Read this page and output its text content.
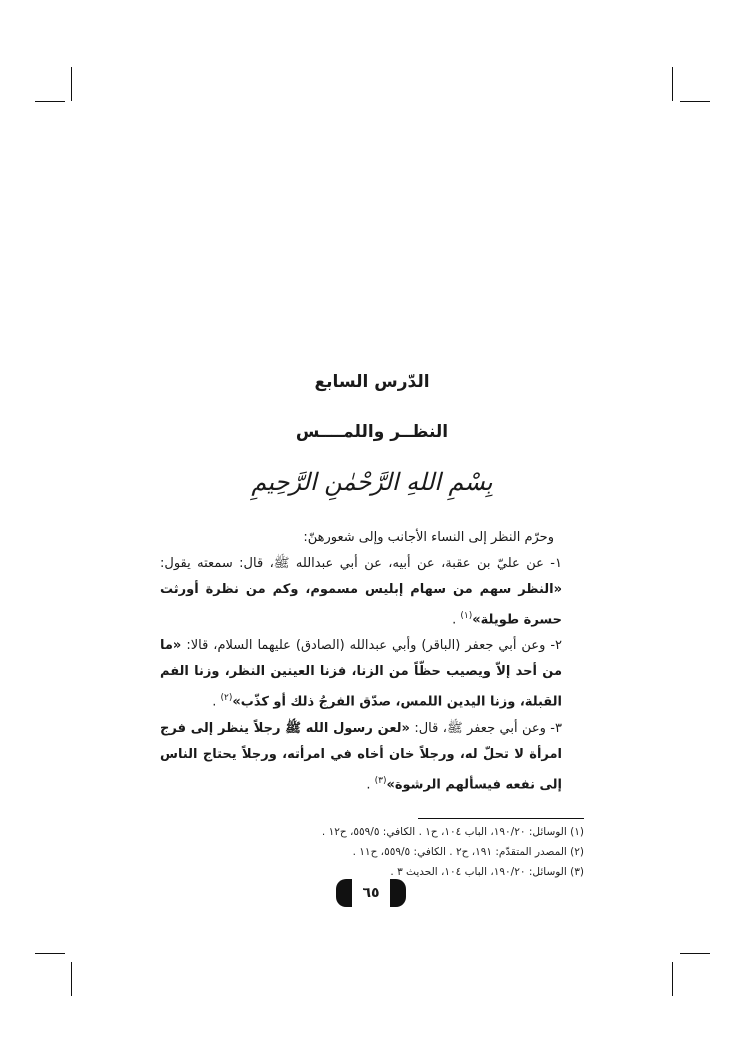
الدّرس السابع
النظــر واللمــــس
بِسْمِ اللهِ الرَّحْمٰنِ الرَّحِيمِ

وحرّم النظر إلى النساء الأجانب وإلى شعورهنّ:

١- عن عليّ بن عقبة، عن أبيه، عن أبي عبدالله ﷺ، قال: سمعته يقول: «النظر سهم من سهام إبليس مسموم، وكم من نظرة أورثت حسرة طويلة»$^{(١)}$ .

٢- وعن أبي جعفر (الباقر) وأبي عبدالله (الصادق) عليهما السلام، قالا: «ما من أحد إلاّ ويصيب حظّاً من الزنا، فزنا العينين النظر، وزنا الفم القبلة، وزنا اليدين اللمس، صدّق الفرجُ ذلك أو كذّب»$^{(٢)}$ .

٣- وعن أبي جعفر ﷺ، قال: «لعن رسول الله ﷺ رجلاً ينظر إلى فرج امرأة لا تحلّ له، ورجلاً خان أخاه في امرأته، ورجلاً يحتاج الناس إلى نفعه فيسألهم الرشوة»$^{(٣)}$ .

(١) الوسائل: ١٩٠/٢٠، الباب ١٠٤، ح١ . الكافي: ٥٥٩/٥، ح١٢ .
(٢) المصدر المتقدّم: ١٩١، ح٢ . الكافي: ٥٥٩/٥، ح١١ .
(٣) الوسائل: ١٩٠/٢٠، الباب ١٠٤، الحديث ٣ .
٦٥
